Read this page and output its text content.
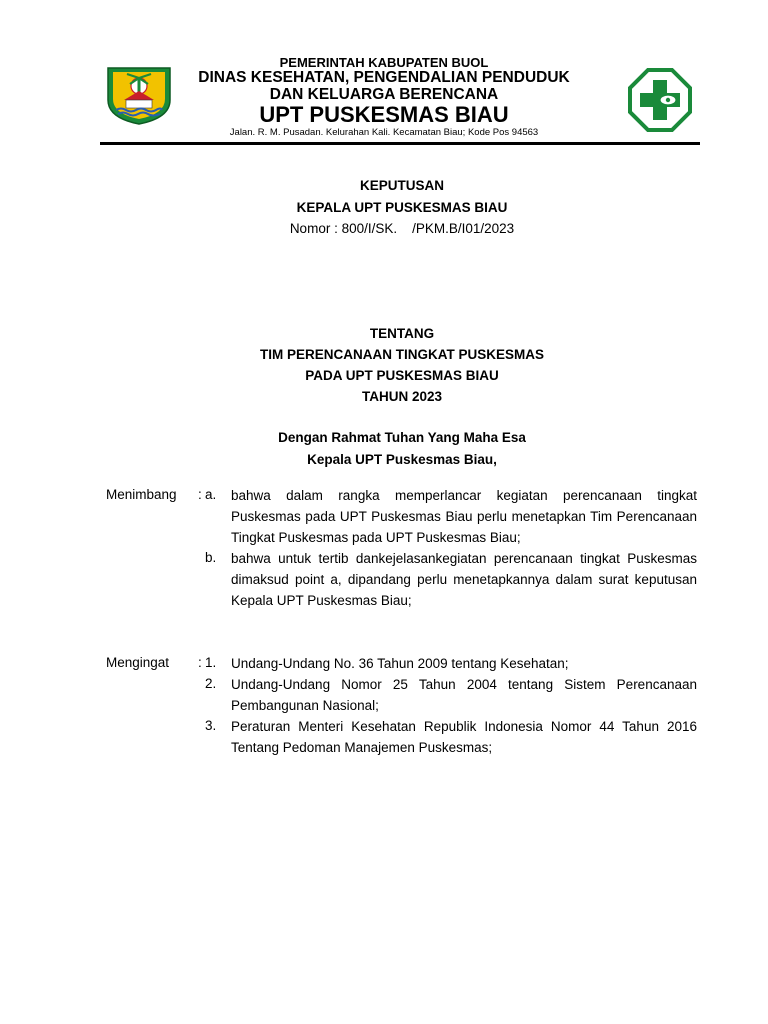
PEMERINTAH KABUPATEN BUOL
DINAS KESEHATAN, PENGENDALIAN PENDUDUK
DAN KELUARGA BERENCANA
UPT PUSKESMAS BIAU
Jalan. R. M. Pusadan. Kelurahan Kali. Kecamatan Biau; Kode Pos 94563
KEPUTUSAN
KEPALA UPT PUSKESMAS BIAU
Nomor : 800/I/SK.    /PKM.B/I01/2023
TENTANG
TIM PERENCANAAN TINGKAT PUSKESMAS
PADA UPT PUSKESMAS BIAU
TAHUN 2023
Dengan Rahmat Tuhan Yang Maha Esa
Kepala UPT Puskesmas Biau,
Menimbang : a. bahwa dalam rangka memperlancar kegiatan perencanaan tingkat Puskesmas pada UPT Puskesmas Biau perlu menetapkan Tim Perencanaan Tingkat Puskesmas pada UPT Puskesmas Biau;
b. bahwa untuk tertib dankejelasankegiatan perencanaan tingkat Puskesmas dimaksud point a, dipandang perlu menetapkannya dalam surat keputusan Kepala UPT Puskesmas Biau;
Mengingat : 1. Undang-Undang No. 36 Tahun 2009 tentang Kesehatan;
2. Undang-Undang Nomor 25 Tahun 2004 tentang Sistem Perencanaan Pembangunan Nasional;
3. Peraturan Menteri Kesehatan Republik Indonesia Nomor 44 Tahun 2016 Tentang Pedoman Manajemen Puskesmas;
